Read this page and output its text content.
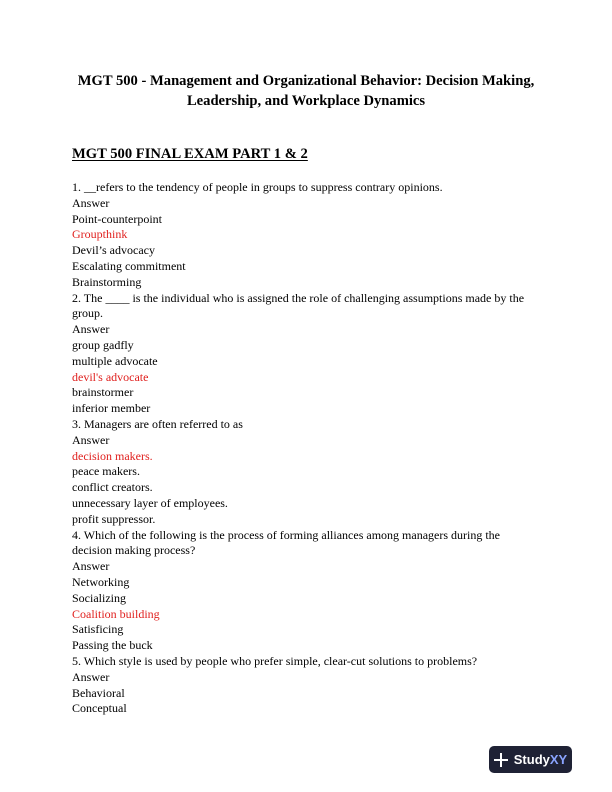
MGT 500 - Management and Organizational Behavior: Decision Making,
Leadership, and Workplace Dynamics
MGT 500 FINAL EXAM PART 1 & 2
1. __refers to the tendency of people in groups to suppress contrary opinions.
Answer
Point-counterpoint
Groupthink
Devil’s advocacy
Escalating commitment
Brainstorming
2. The ____ is the individual who is assigned the role of challenging assumptions made by the group.
Answer
group gadfly
multiple advocate
devil's advocate
brainstormer
inferior member
3. Managers are often referred to as
Answer
decision makers.
peace makers.
conflict creators.
unnecessary layer of employees.
profit suppressor.
4. Which of the following is the process of forming alliances among managers during the decision making process?
Answer
Networking
Socializing
Coalition building
Satisficing
Passing the buck
5. Which style is used by people who prefer simple, clear-cut solutions to problems?
Answer
Behavioral
Conceptual
StudyXY
